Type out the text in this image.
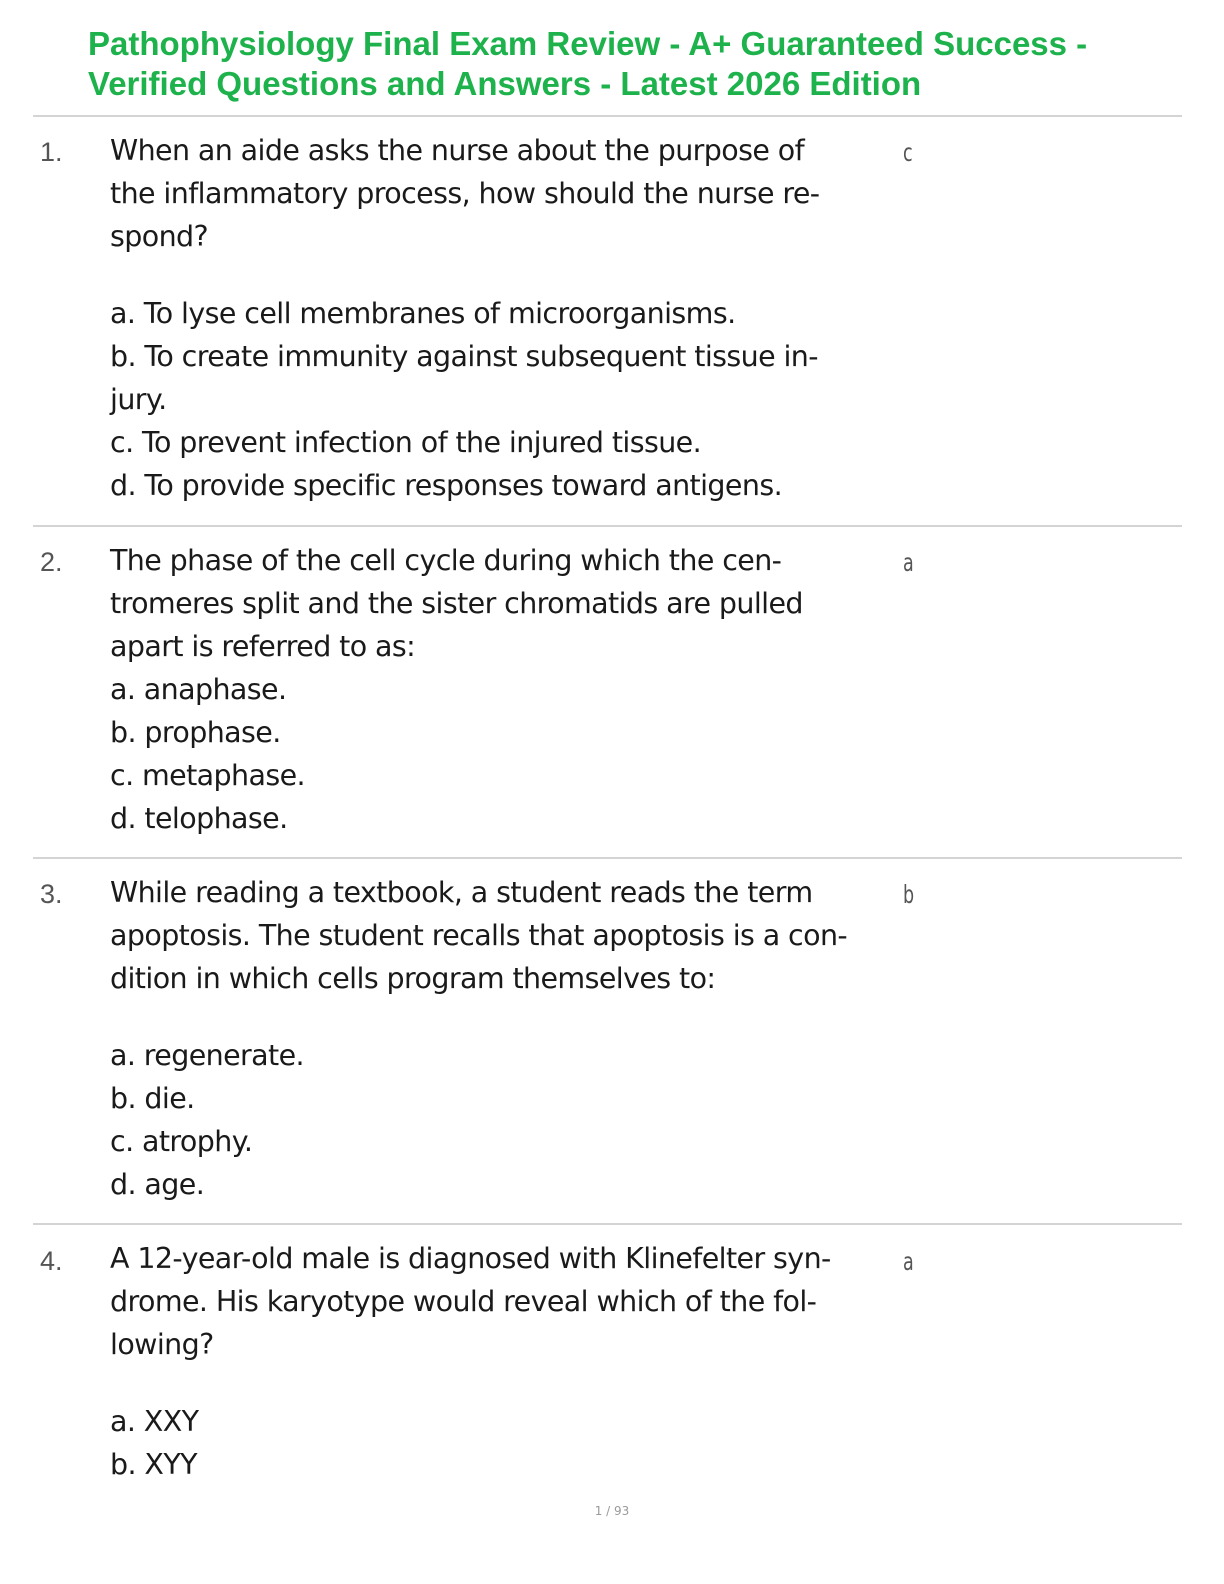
Pathophysiology Final Exam Review - A+ Guaranteed Success -
Verified Questions and Answers - Latest 2026 Edition
1. When an aide asks the nurse about the purpose of
the inflammatory process, how should the nurse re-
spond?
a. To lyse cell membranes of microorganisms.
b. To create immunity against subsequent tissue in-
jury.
c. To prevent infection of the injured tissue.
d. To provide specific responses toward antigens.
c
2. The phase of the cell cycle during which the cen-
tromeres split and the sister chromatids are pulled
apart is referred to as:
a. anaphase.
b. prophase.
c. metaphase.
d. telophase.
a
3. While reading a textbook, a student reads the term
apoptosis. The student recalls that apoptosis is a con-
dition in which cells program themselves to:
a. regenerate.
b. die.
c. atrophy.
d. age.
b
4. A 12-year-old male is diagnosed with Klinefelter syn-
drome. His karyotype would reveal which of the fol-
lowing?
a. XXY
b. XYY
a
1 / 93
